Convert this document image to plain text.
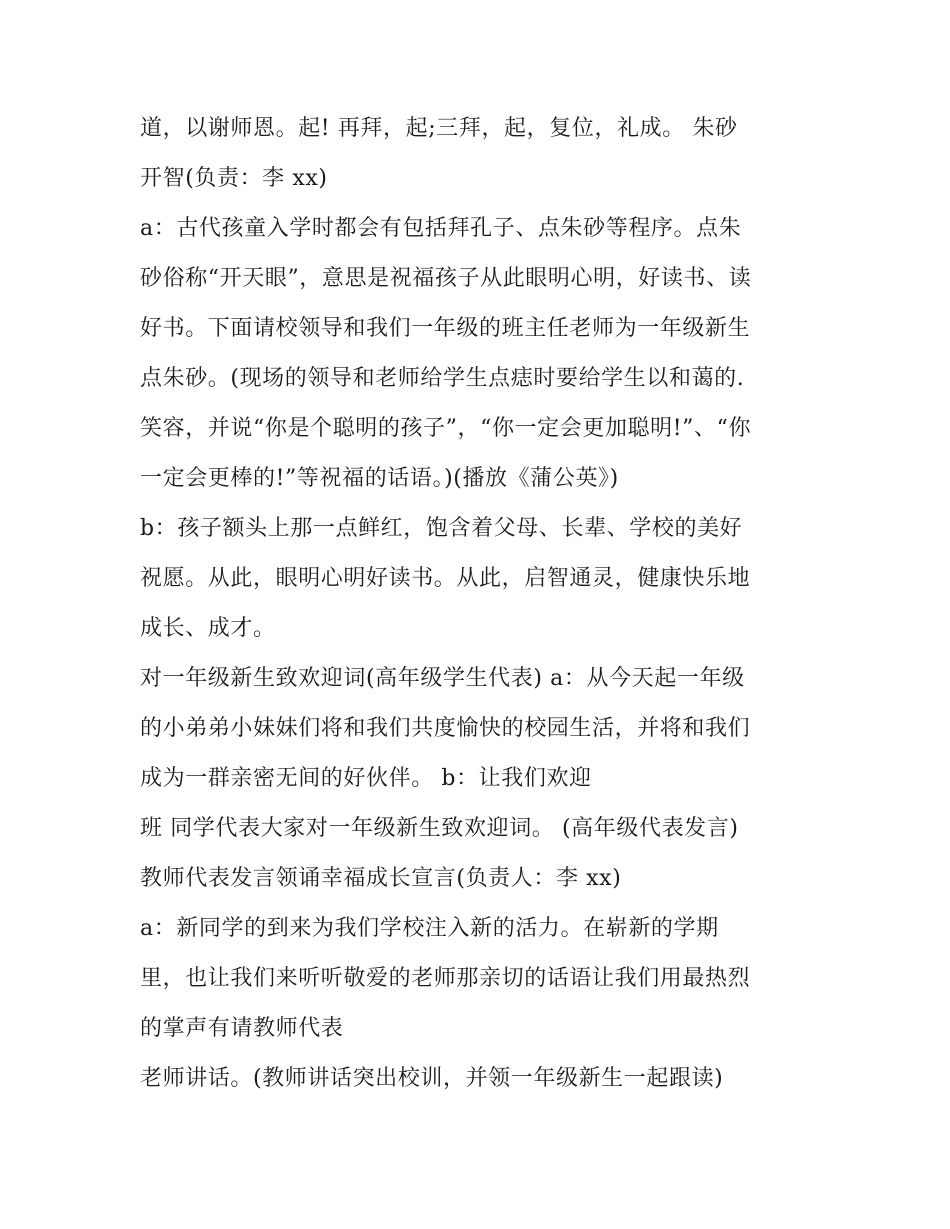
道，以谢师恩。起! 再拜，起;三拜，起，复位，礼成。 朱砂

开智(负责：李 xx)

a：古代孩童入学时都会有包括拜孔子、点朱砂等程序。点朱

砂俗称“开天眼”，意思是祝福孩子从此眼明心明，好读书、读

好书。下面请校领导和我们一年级的班主任老师为一年级新生

点朱砂。(现场的领导和老师给学生点痣时要给学生以和蔼的.

笑容，并说“你是个聪明的孩子”，“你一定会更加聪明!”、“你

一定会更棒的!”等祝福的话语。)(播放《蒲公英》)

b：孩子额头上那一点鲜红，饱含着父母、长辈、学校的美好

祝愿。从此，眼明心明好读书。从此，启智通灵，健康快乐地

成长、成才。

对一年级新生致欢迎词(高年级学生代表) a：从今天起一年级

的小弟弟小妹妹们将和我们共度愉快的校园生活，并将和我们

成为一群亲密无间的好伙伴。 b：让我们欢迎

班 同学代表大家对一年级新生致欢迎词。 (高年级代表发言)

教师代表发言领诵幸福成长宣言(负责人：李 xx)

a：新同学的到来为我们学校注入新的活力。在崭新的学期

里，也让我们来听听敬爱的老师那亲切的话语让我们用最热烈

的掌声有请教师代表

老师讲话。(教师讲话突出校训，并领一年级新生一起跟读)
